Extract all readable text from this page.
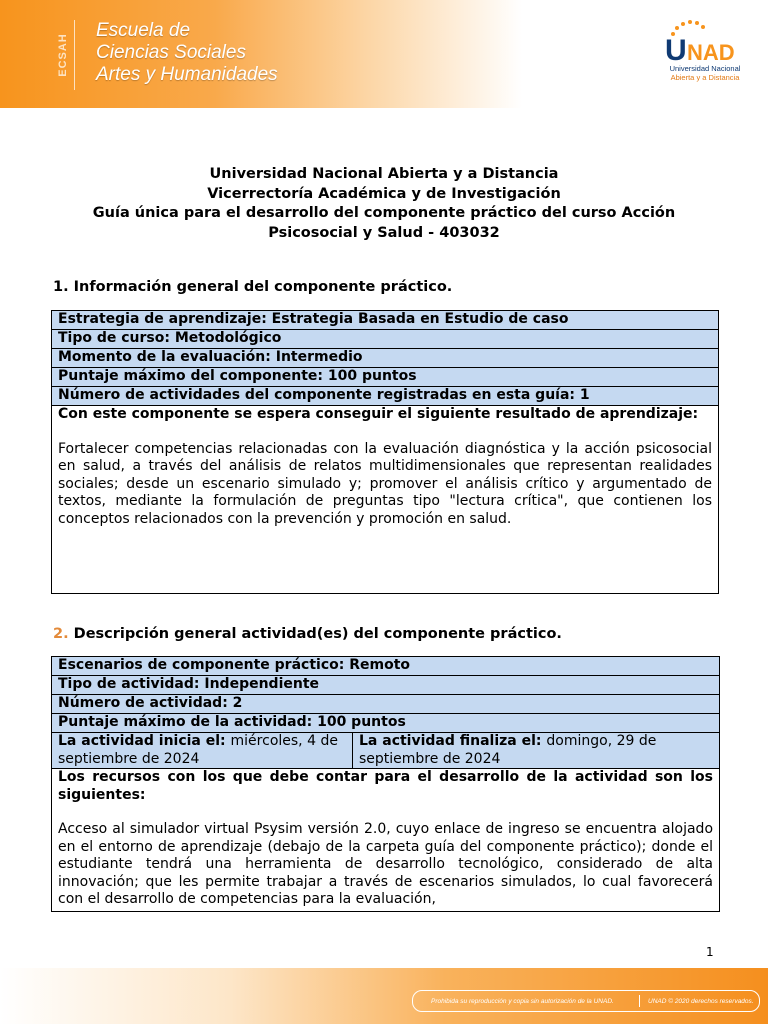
ECSAH
Escuela de
Ciencias Sociales
Artes y Humanidades
U NAD
Universidad Nacional
Abierta y a Distancia
Universidad Nacional Abierta y a Distancia
Vicerrectoría Académica y de Investigación
Guía única para el desarrollo del componente práctico del curso Acción
Psicosocial y Salud - 403032
1. Información general del componente práctico.
Estrategia de aprendizaje: Estrategia Basada en Estudio de caso
Tipo de curso: Metodológico
Momento de la evaluación: Intermedio
Puntaje máximo del componente: 100 puntos
Número de actividades del componente registradas en esta guía: 1

Con este componente se espera conseguir el siguiente resultado de aprendizaje:

Fortalecer competencias relacionadas con la evaluación diagnóstica y la acción psicosocial en salud, a través del análisis de relatos multidimensionales que representan realidades sociales; desde un escenario simulado y; promover el análisis crítico y argumentado de textos, mediante la formulación de preguntas tipo "lectura crítica", que contienen los conceptos relacionados con la prevención y promoción en salud.

2. Descripción general actividad(es) del componente práctico.
Escenarios de componente práctico: Remoto
Tipo de actividad: Independiente
Número de actividad: 2
Puntaje máximo de la actividad: 100 puntos
La actividad inicia el: miércoles, 4 de septiembre de 2024	La actividad finaliza el: domingo, 29 de septiembre de 2024

Los recursos con los que debe contar para el desarrollo de la actividad son los siguientes:

Acceso al simulador virtual Psysim versión 2.0, cuyo enlace de ingreso se encuentra alojado en el entorno de aprendizaje (debajo de la carpeta guía del componente práctico); donde el estudiante tendrá una herramienta de desarrollo tecnológico, considerado de alta innovación; que les permite trabajar a través de escenarios simulados, lo cual favorecerá con el desarrollo de competencias para la evaluación,

1
Prohibida su reproducción y copia sin autorización de la UNAD.	UNAD © 2020 derechos reservados.
